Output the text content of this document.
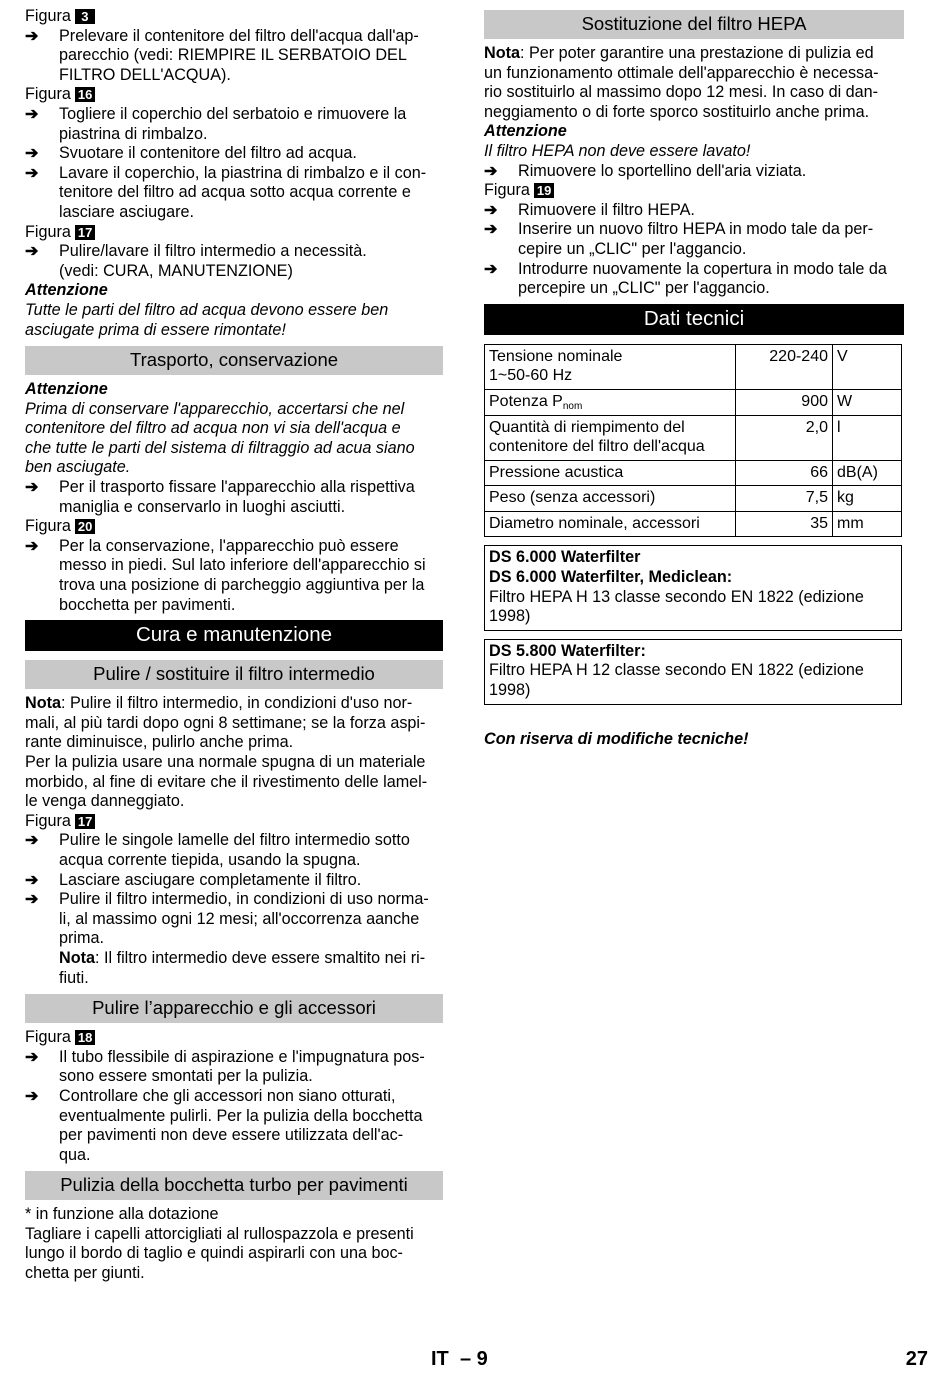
Figura 3
➔ Prelevare il contenitore del filtro dell'acqua dall'ap-
parecchio (vedi: RIEMPIRE IL SERBATOIO DEL
FILTRO DELL'ACQUA).
Figura 16
➔ Togliere il coperchio del serbatoio e rimuovere la
piastrina di rimbalzo.
➔ Svuotare il contenitore del filtro ad acqua.
➔ Lavare il coperchio, la piastrina di rimbalzo e il con-
tenitore del filtro ad acqua sotto acqua corrente e
lasciare asciugare.
Figura 17
➔ Pulire/lavare il filtro intermedio a necessità.
(vedi: CURA, MANUTENZIONE)
Attenzione
Tutte le parti del filtro ad acqua devono essere ben
asciugate prima di essere rimontate!
Trasporto, conservazione
Attenzione
Prima di conservare l'apparecchio, accertarsi che nel
contenitore del filtro ad acqua non vi sia dell'acqua e
che tutte le parti del sistema di filtraggio ad acua siano
ben asciugate.
➔ Per il trasporto fissare l'apparecchio alla rispettiva
maniglia e conservarlo in luoghi asciutti.
Figura 20
➔ Per la conservazione, l'apparecchio può essere
messo in piedi. Sul lato inferiore dell'apparecchio si
trova una posizione di parcheggio aggiuntiva per la
bocchetta per pavimenti.
Cura e manutenzione
Pulire / sostituire il filtro intermedio
Nota: Pulire il filtro intermedio, in condizioni d'uso nor-
mali, al più tardi dopo ogni 8 settimane; se la forza aspi-
rante diminuisce, pulirlo anche prima.
Per la pulizia usare una normale spugna di un materiale
morbido, al fine di evitare che il rivestimento delle lamel-
le venga danneggiato.
Figura 17
➔ Pulire le singole lamelle del filtro intermedio sotto
acqua corrente tiepida, usando la spugna.
➔ Lasciare asciugare completamente il filtro.
➔ Pulire il filtro intermedio, in condizioni di uso norma-
li, al massimo ogni 12 mesi; all'occorrenza aanche
prima.
Nota: Il filtro intermedio deve essere smaltito nei ri-
fiuti.
Pulire l’apparecchio e gli accessori
Figura 18
➔ Il tubo flessibile di aspirazione e l'impugnatura pos-
sono essere smontati per la pulizia.
➔ Controllare che gli accessori non siano otturati,
eventualmente pulirli. Per la pulizia della bocchetta
per pavimenti non deve essere utilizzata dell'ac-
qua.
Pulizia della bocchetta turbo per pavimenti
* in funzione alla dotazione
Tagliare i capelli attorcigliati al rullospazzola e presenti
lungo il bordo di taglio e quindi aspirarli con una boc-
chetta per giunti.
Sostituzione del filtro HEPA
Nota: Per poter garantire una prestazione di pulizia ed
un funzionamento ottimale dell'apparecchio è necessa-
rio sostituirlo al massimo dopo 12 mesi. In caso di dan-
neggiamento o di forte sporco sostituirlo anche prima.
Attenzione
Il filtro HEPA non deve essere lavato!
➔ Rimuovere lo sportellino dell'aria viziata.
Figura 19
➔ Rimuovere il filtro HEPA.
➔ Inserire un nuovo filtro HEPA in modo tale da per-
cepire un „CLIC" per l'aggancio.
➔ Introdurre nuovamente la copertura in modo tale da
percepire un „CLIC" per l'aggancio.
Dati tecnici
Tensione nominale
1~50-60 Hz	220-240	V
Potenza $P_{nom}$	900	W

Quantità di riempimento del
contenitore del filtro dell'acqua	2,0	l

Pressione acustica	66	dB(A)

Peso (senza accessori)	7,5	kg

Diametro nominale, accessori	35	mm
DS 6.000 Waterfilter
DS 6.000 Waterfilter, Mediclean:
Filtro HEPA H 13 classe secondo EN 1822 (edizione
1998)
DS 5.800 Waterfilter:
Filtro HEPA H 12 classe secondo EN 1822 (edizione
1998)
Con riserva di modifiche tecniche!
IT – 9	27
